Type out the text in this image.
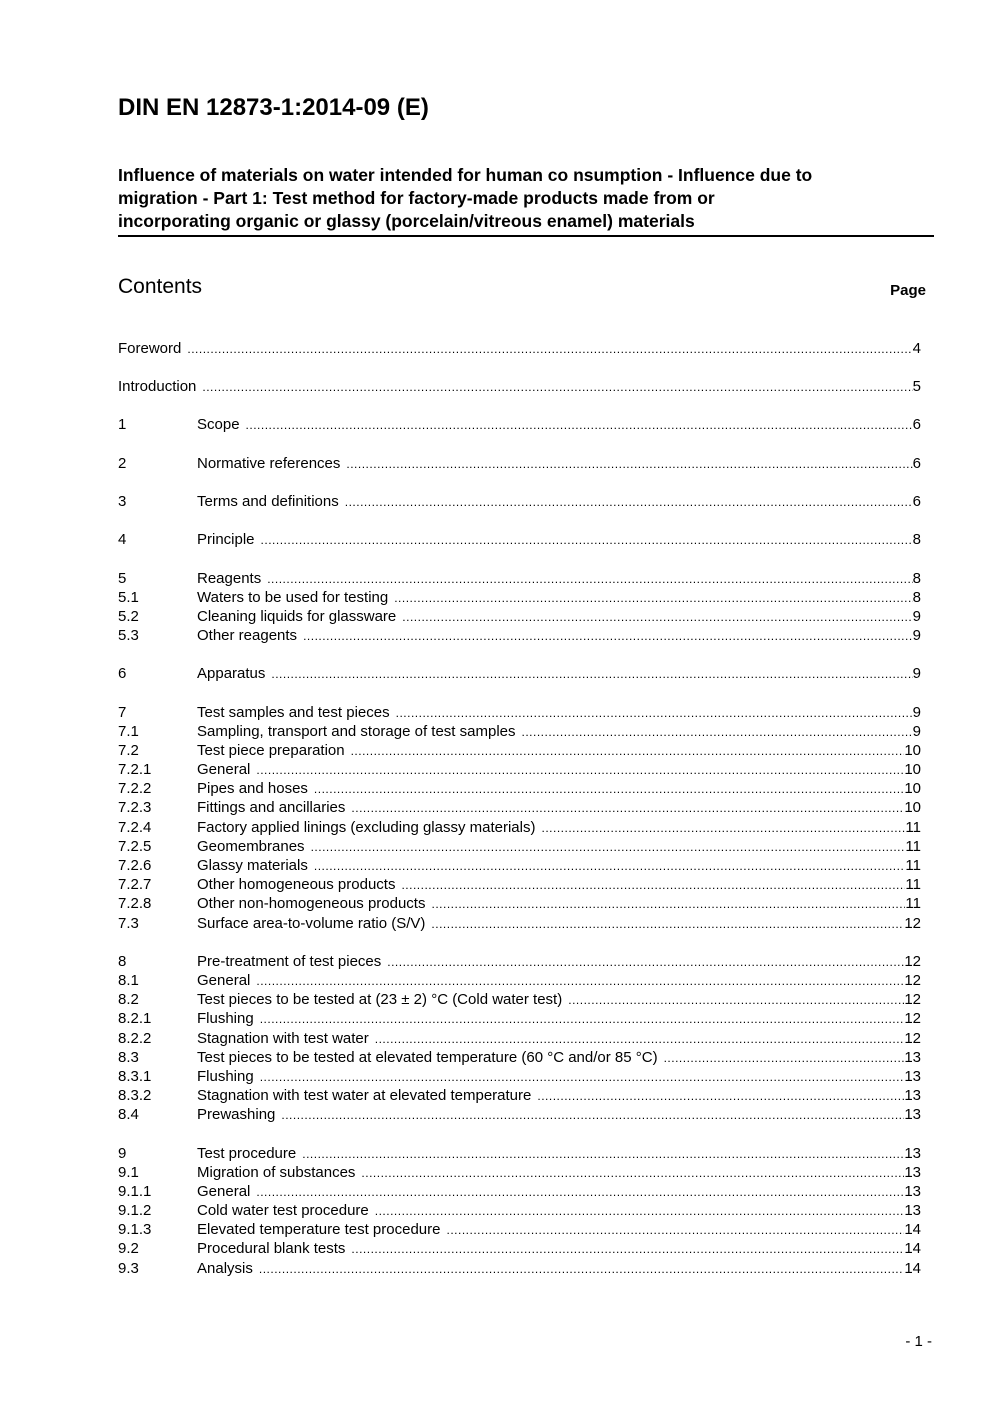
DIN EN 12873-1:2014-09 (E)
Influence of materials on water intended for human co nsumption - Influence due to
migration - Part 1: Test method for factory-made products made from or
incorporating organic or glassy (porcelain/vitreous enamel) materials
Contents	Page
Foreword .....	4
Introduction .....	5
1	Scope .....	6
2	Normative references .....	6
3	Terms and definitions .....	6
4	Principle .....	8
5	Reagents .....	8
5.1	Waters to be used for testing .....	8
5.2	Cleaning liquids for glassware .....	9
5.3	Other reagents .....	9
6	Apparatus .....	9
7	Test samples and test pieces .....	9
7.1	Sampling, transport and storage of test samples .....	9
7.2	Test piece preparation .....	10
7.2.1	General .....	10
7.2.2	Pipes and hoses .....	10
7.2.3	Fittings and ancillaries .....	10
7.2.4	Factory applied linings (excluding glassy materials) .....	11
7.2.5	Geomembranes .....	11
7.2.6	Glassy materials .....	11
7.2.7	Other homogeneous products .....	11
7.2.8	Other non-homogeneous products .....	11
7.3	Surface area-to-volume ratio (S/V) .....	12
8	Pre-treatment of test pieces .....	12
8.1	General .....	12
8.2	Test pieces to be tested at (23 ± 2) °C (Cold water test) .....	12
8.2.1	Flushing .....	12
8.2.2	Stagnation with test water .....	12
8.3	Test pieces to be tested at elevated temperature (60 °C and/or 85 °C) .....	13
8.3.1	Flushing .....	13
8.3.2	Stagnation with test water at elevated temperature .....	13
8.4	Prewashing .....	13
9	Test procedure .....	13
9.1	Migration of substances .....	13
9.1.1	General .....	13
9.1.2	Cold water test procedure .....	13
9.1.3	Elevated temperature test procedure .....	14
9.2	Procedural blank tests .....	14
9.3	Analysis .....	14
- 1 -
